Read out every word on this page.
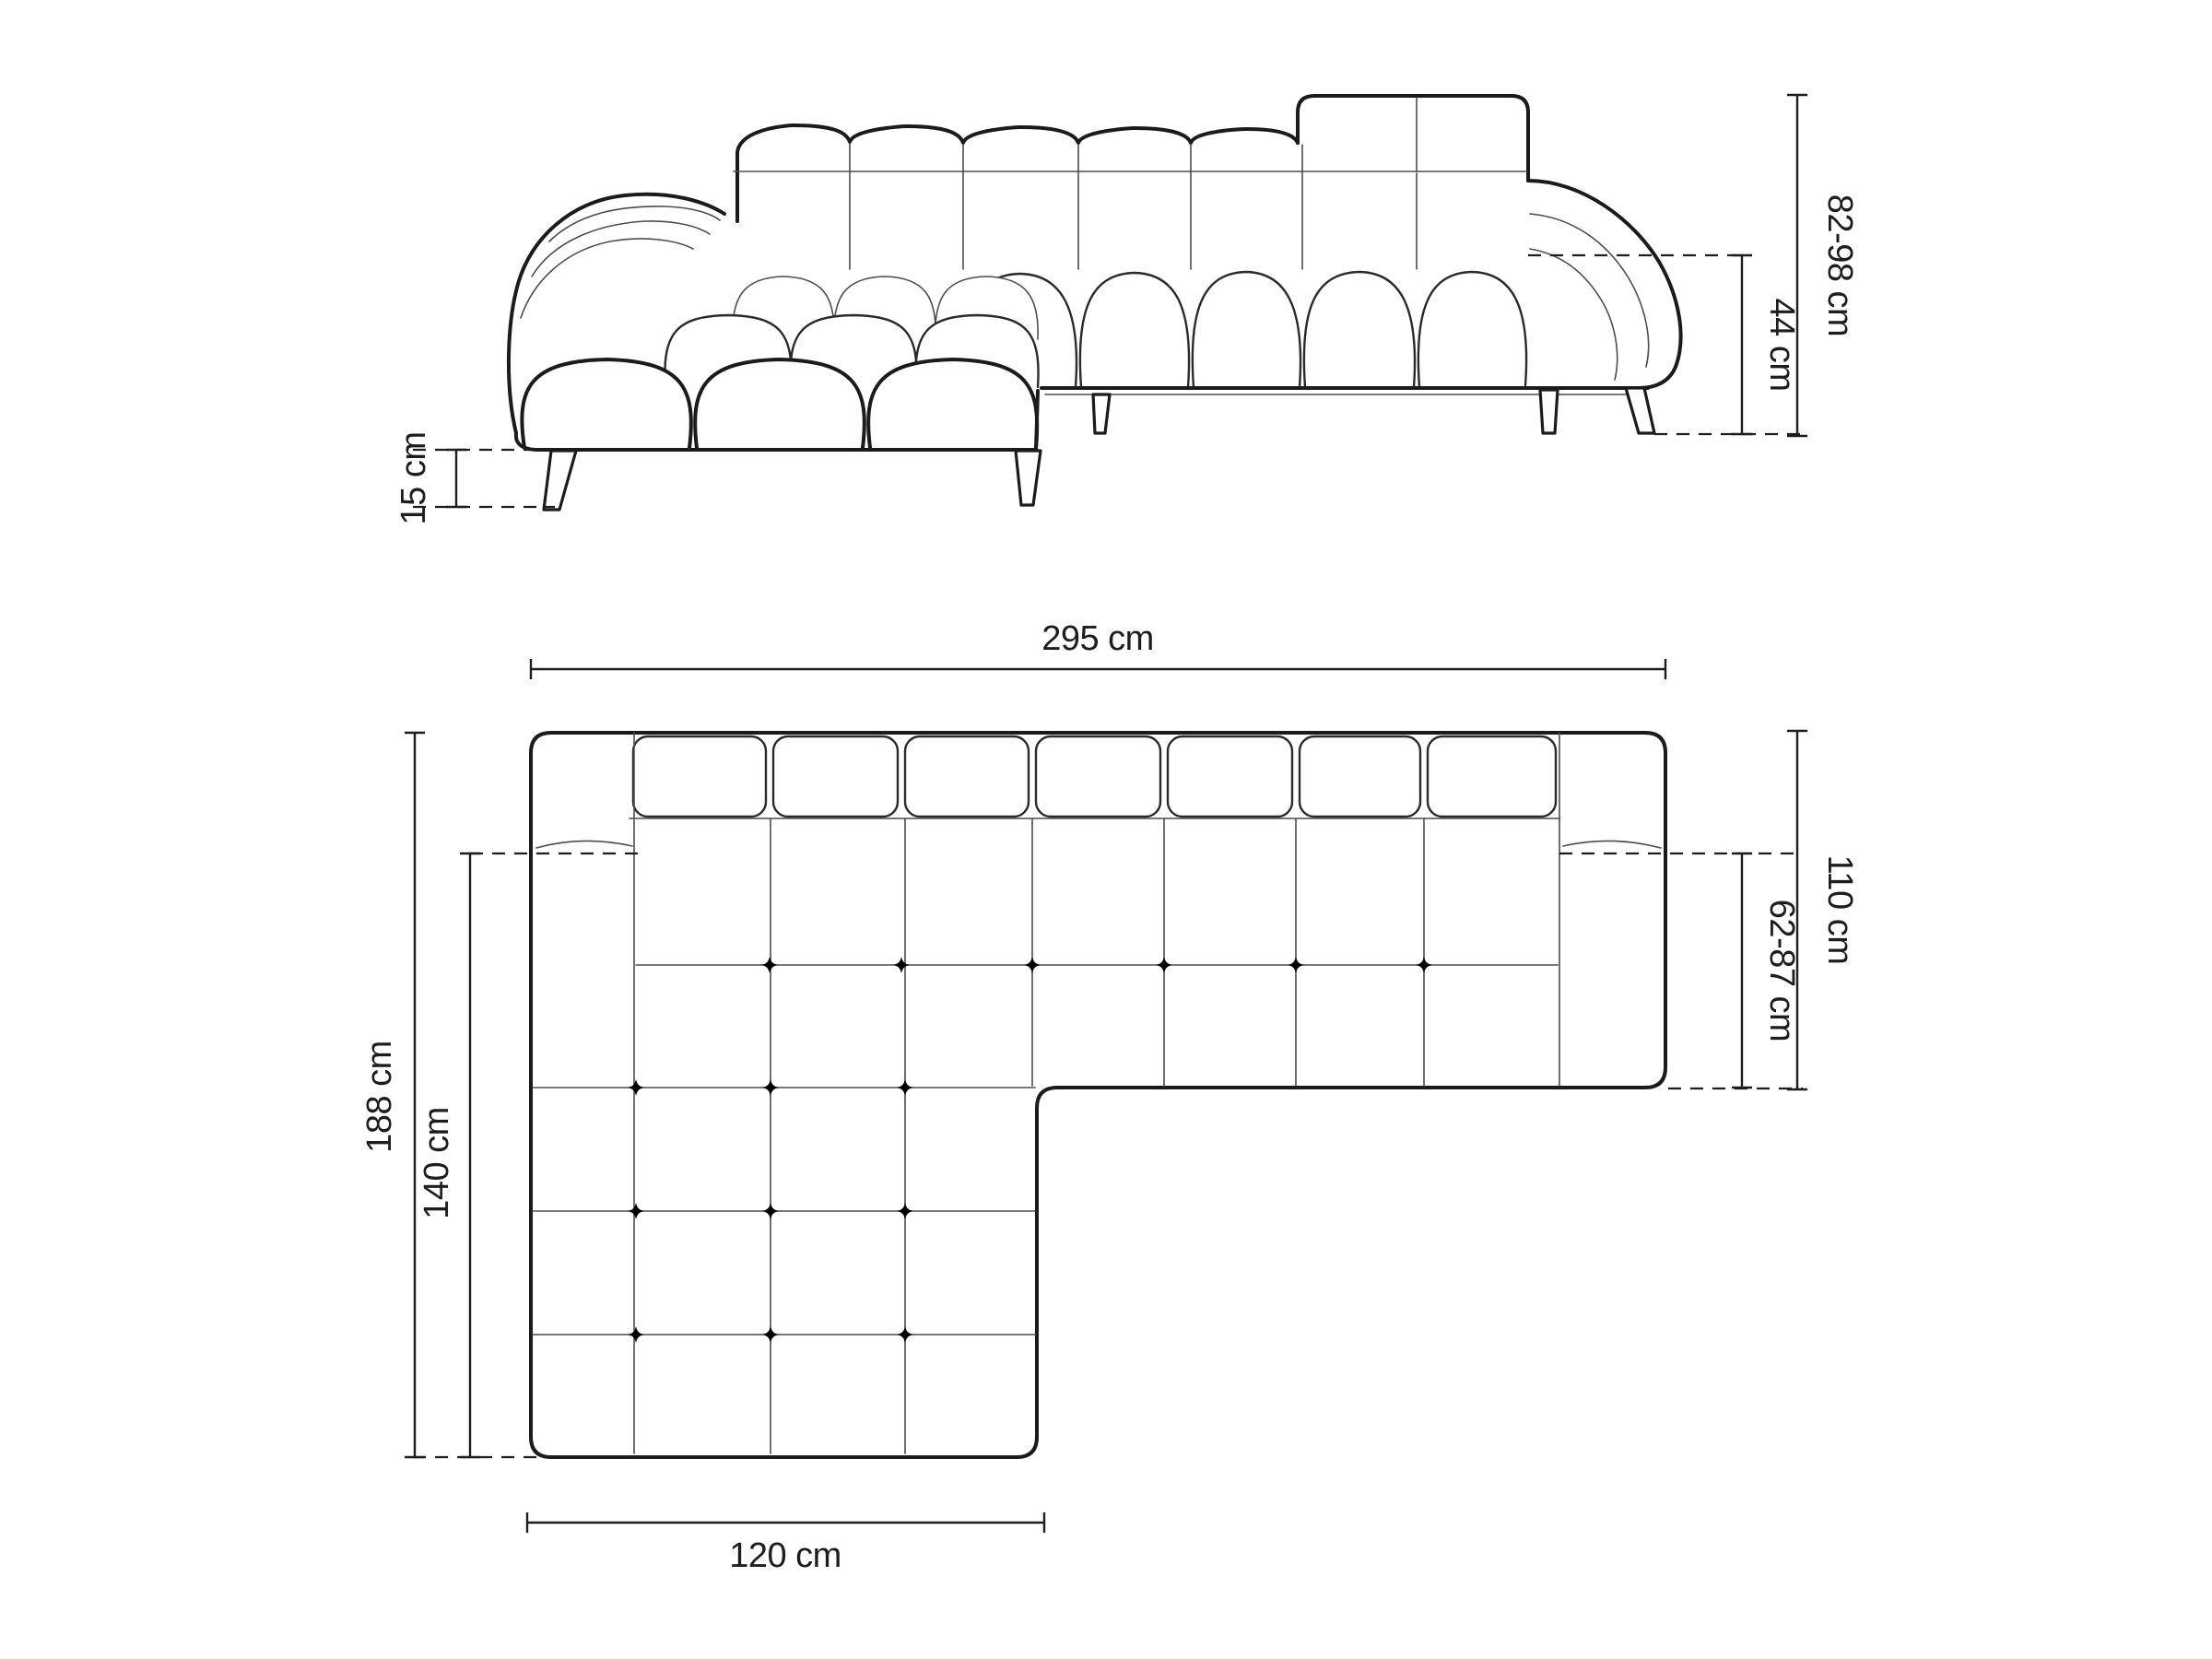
82-98 cm
44 cm
15 cm
295 cm
110 cm
62-87 cm
188 cm
140 cm
120 cm
